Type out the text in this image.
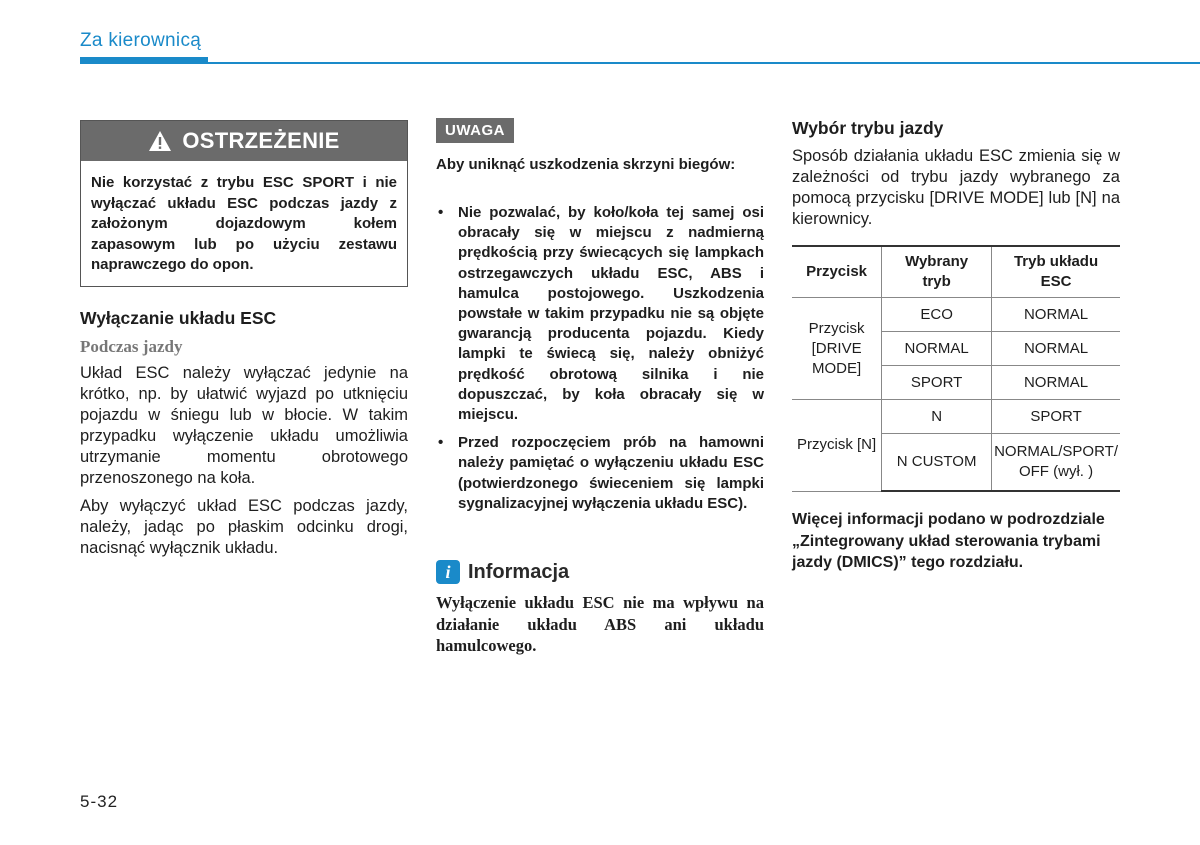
Za kierownicą
OSTRZEŻENIE
Nie korzystać z trybu ESC SPORT i nie wyłączać układu ESC podczas jazdy z założonym dojazdowym kołem zapasowym lub po użyciu zestawu naprawczego do opon.
Wyłączanie układu ESC
Podczas jazdy

Układ ESC należy wyłączać jedynie na krótko, np. by ułatwić wyjazd po utknięciu pojazdu w śniegu lub w błocie. W takim przypadku wyłączenie układu umożliwia utrzymanie momentu obrotowego przenoszonego na koła.

Aby wyłączyć układ ESC podczas jazdy, należy, jadąc po płaskim odcinku drogi, nacisnąć wyłącznik układu.

UWAGA

Aby uniknąć uszkodzenia skrzyni biegów:

• Nie pozwalać, by koło/koła tej samej osi obracały się w miejscu z nadmierną prędkością przy świecących się lampkach ostrzegawczych układu ESC, ABS i hamulca postojowego. Uszkodzenia powstałe w takim przypadku nie są objęte gwarancją producenta pojazdu. Kiedy lampki te świecą się, należy obniżyć prędkość obrotową silnika i nie dopuszczać, by koła obracały się w miejscu.
• Przed rozpoczęciem prób na hamowni należy pamiętać o wyłączeniu układu ESC (potwierdzonego świeceniem się lampki sygnalizacyjnej wyłączenia układu ESC).
i Informacja

Wyłączenie układu ESC nie ma wpływu na działanie układu ABS ani układu hamulcowego.

Wybór trybu jazdy

Sposób działania układu ESC zmienia się w zależności od trybu jazdy wybranego za pomocą przycisku [DRIVE MODE] lub [N] na kierownicy.

Przycisk	Wybrany tryb	Tryb układu ESC
Przycisk [DRIVE MODE]	ECO	NORMAL
	NORMAL	NORMAL
	SPORT	NORMAL
Przycisk [N]	N	SPORT
	N CUSTOM	NORMAL/SPORT/ OFF (wył. )

Więcej informacji podano w podrozdziale „Zintegrowany układ sterowania trybami jazdy (DMICS)” tego rozdziału.

5-32
